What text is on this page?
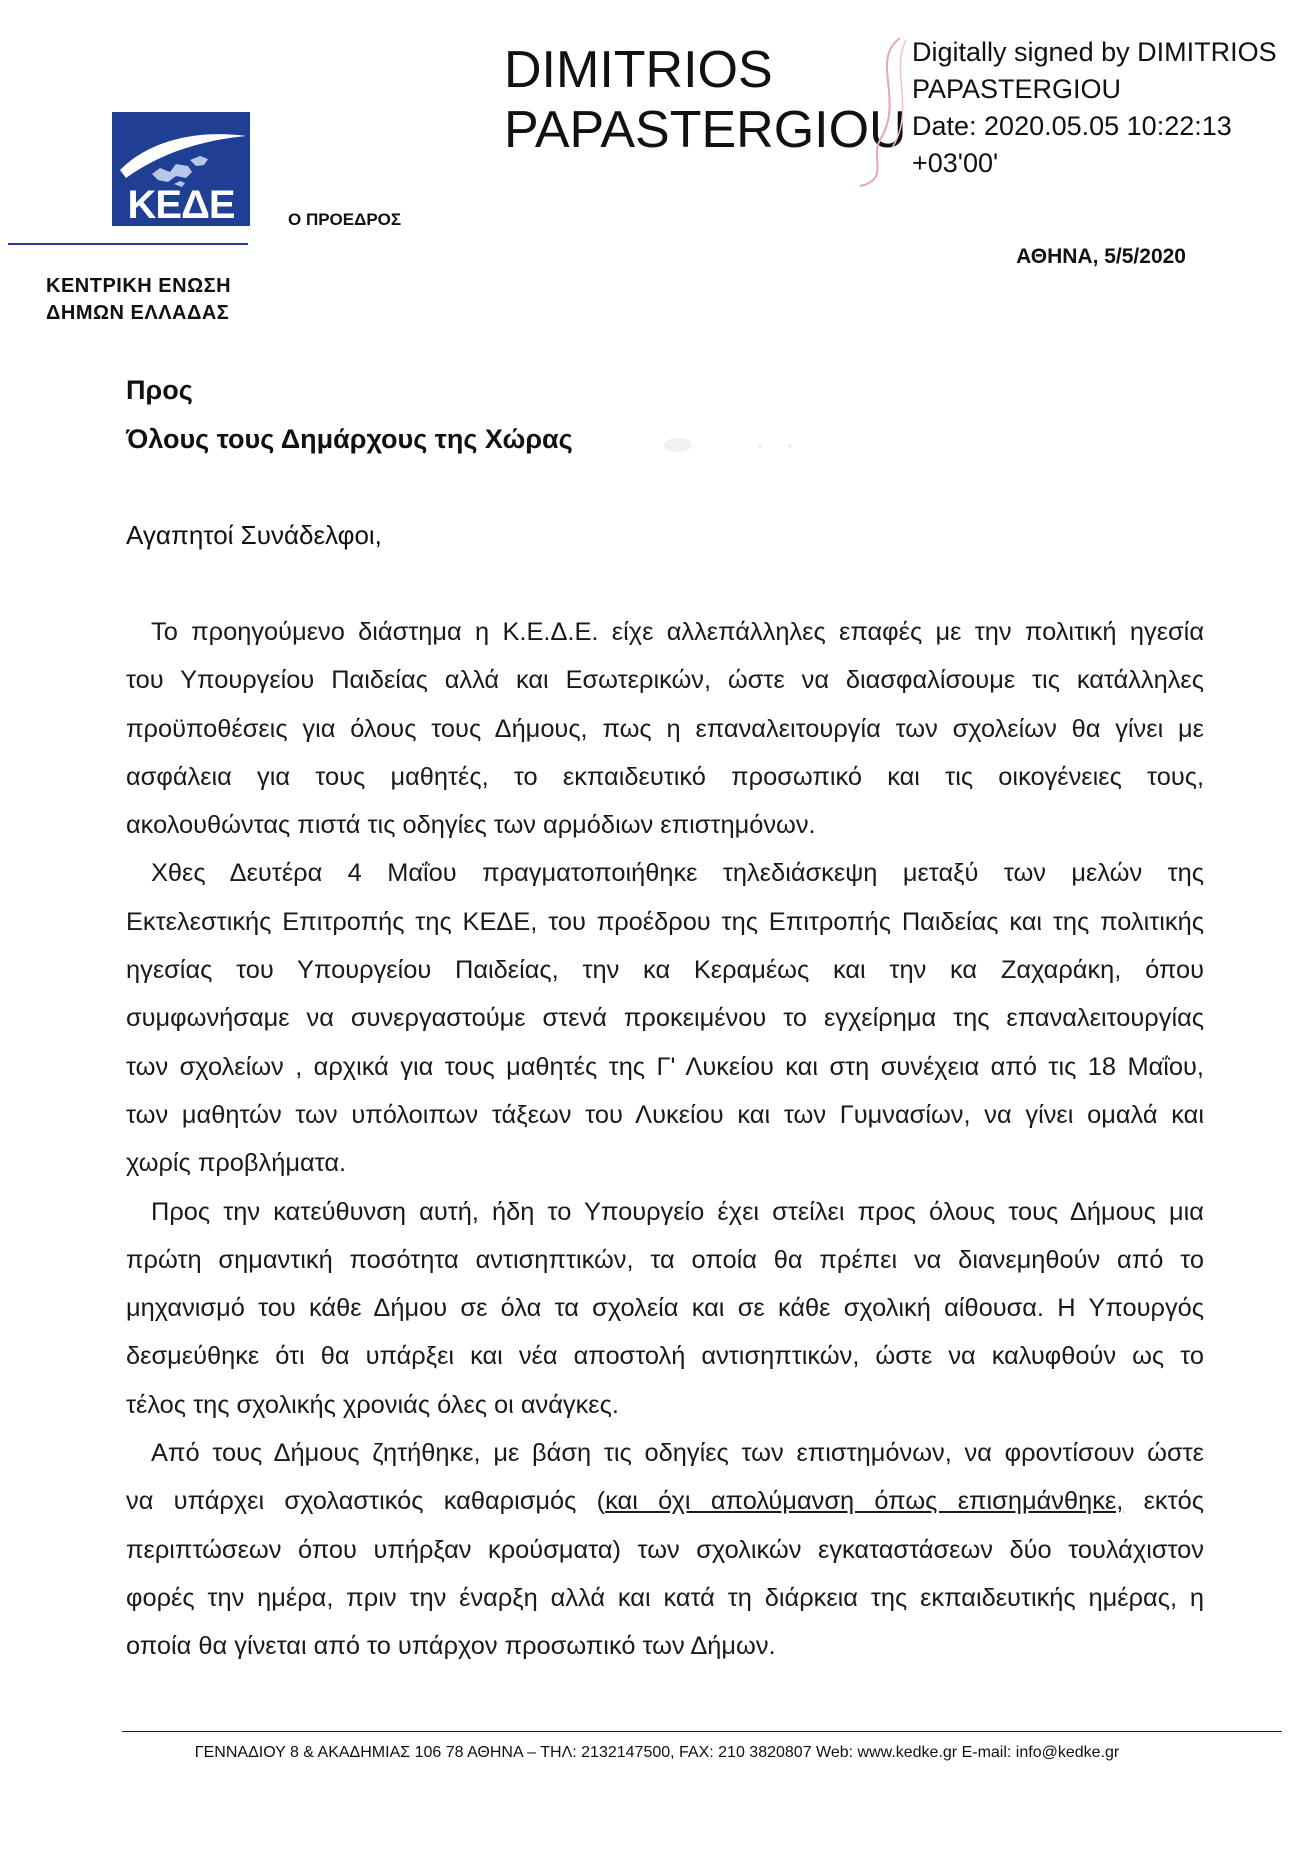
ΚΕΔΕ
ΚΕΝΤΡΙΚΗ ΕΝΩΣΗ
ΔΗΜΩΝ ΕΛΛΑΔΑΣ
Ο ΠΡΟΕΔΡΟΣ
DIMITRIOS
PAPASTERGIOU
Digitally signed by DIMITRIOS
PAPASTERGIOU
Date: 2020.05.05 10:22:13
+03'00'
ΑΘΗΝΑ, 5/5/2020
Προς
Όλους τους Δημάρχους της Χώρας
Αγαπητοί Συνάδελφοι,
Το προηγούμενο διάστημα η Κ.Ε.Δ.Ε. είχε αλλεπάλληλες επαφές με την πολιτική ηγεσία
του Υπουργείου Παιδείας αλλά και Εσωτερικών, ώστε να διασφαλίσουμε τις κατάλληλες
προϋποθέσεις για όλους τους Δήμους, πως η επαναλειτουργία των σχολείων θα γίνει με
ασφάλεια για τους μαθητές, το εκπαιδευτικό προσωπικό και τις οικογένειες τους,
ακολουθώντας πιστά τις οδηγίες των αρμόδιων επιστημόνων.
Χθες Δευτέρα 4 Μαΐου πραγματοποιήθηκε τηλεδιάσκεψη μεταξύ των μελών της
Εκτελεστικής Επιτροπής της ΚΕΔΕ, του προέδρου της Επιτροπής Παιδείας και της πολιτικής
ηγεσίας του Υπουργείου Παιδείας, την κα Κεραμέως και την κα Ζαχαράκη, όπου
συμφωνήσαμε να συνεργαστούμε στενά προκειμένου το εγχείρημα της επαναλειτουργίας
των σχολείων , αρχικά για τους μαθητές της Γ' Λυκείου και στη συνέχεια από τις 18 Μαΐου,
των μαθητών των υπόλοιπων τάξεων του Λυκείου και των Γυμνασίων, να γίνει ομαλά και
χωρίς προβλήματα.
Προς την κατεύθυνση αυτή, ήδη το Υπουργείο έχει στείλει προς όλους τους Δήμους μια
πρώτη σημαντική ποσότητα αντισηπτικών, τα οποία θα πρέπει να διανεμηθούν από το
μηχανισμό του κάθε Δήμου σε όλα τα σχολεία και σε κάθε σχολική αίθουσα. Η Υπουργός
δεσμεύθηκε ότι θα υπάρξει και νέα αποστολή αντισηπτικών, ώστε να καλυφθούν ως το
τέλος της σχολικής χρονιάς όλες οι ανάγκες.
Από τους Δήμους ζητήθηκε, με βάση τις οδηγίες των επιστημόνων, να φροντίσουν ώστε
να υπάρχει σχολαστικός καθαρισμός (και όχι απολύμανση όπως επισημάνθηκε, εκτός
περιπτώσεων όπου υπήρξαν κρούσματα) των σχολικών εγκαταστάσεων δύο τουλάχιστον
φορές την ημέρα, πριν την έναρξη αλλά και κατά τη διάρκεια της εκπαιδευτικής ημέρας, η
οποία θα γίνεται από το υπάρχον προσωπικό των Δήμων.
ΓΕΝΝΑΔΙΟΥ 8 & ΑΚΑΔΗΜΙΑΣ 106 78 ΑΘΗΝΑ – ΤΗΛ: 2132147500, FAX: 210 3820807 Web: www.kedke.gr E-mail: info@kedke.gr
